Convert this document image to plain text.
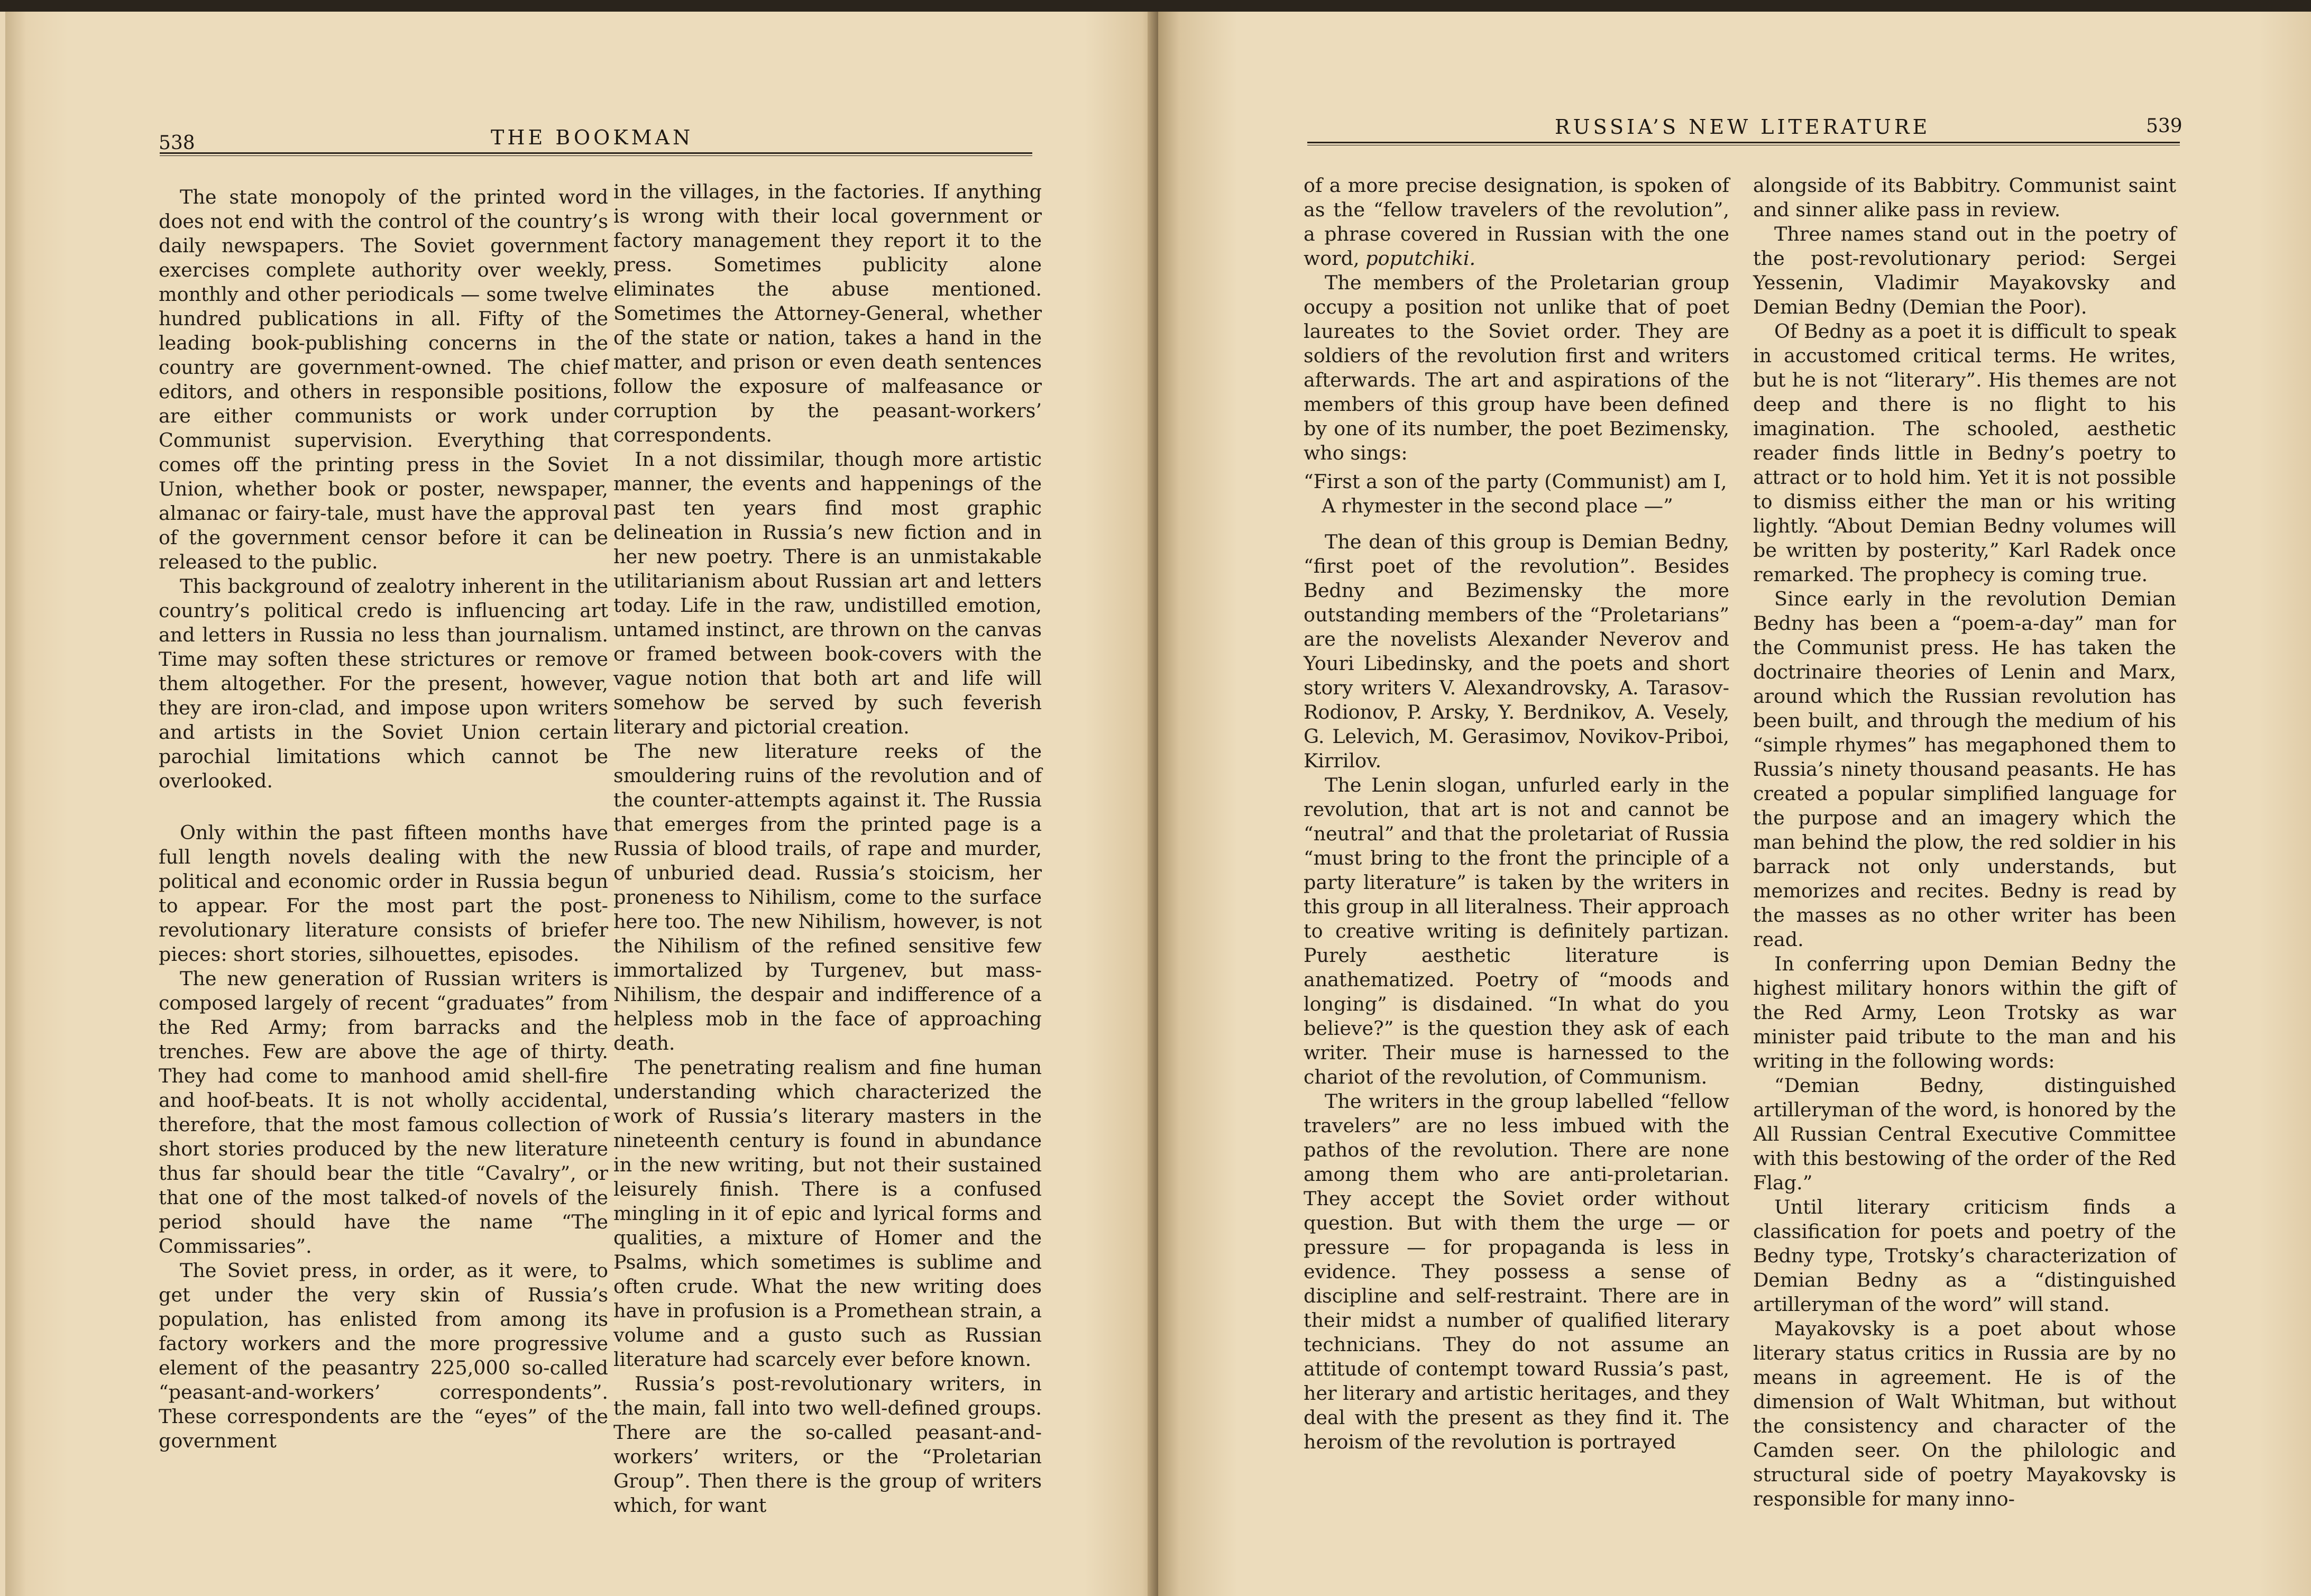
538	THE BOOKMAN

The state monopoly of the printed word does not end with the control of the country’s daily newspapers. The Soviet government exercises complete authority over weekly, monthly and other periodicals — some twelve hundred publications in all. Fifty of the leading book-publishing concerns in the country are government-owned. The chief editors, and others in responsible positions, are either communists or work under Communist supervision. Everything that comes off the printing press in the Soviet Union, whether book or poster, newspaper, almanac or fairy-tale, must have the approval of the government censor before it can be released to the public.

This background of zealotry inherent in the country’s political credo is influencing art and letters in Russia no less than journalism. Time may soften these strictures or remove them altogether. For the present, however, they are iron-clad, and impose upon writers and artists in the Soviet Union certain parochial limitations which cannot be overlooked.

Only within the past fifteen months have full length novels dealing with the new political and economic order in Russia begun to appear. For the most part the post-revolutionary literature consists of briefer pieces: short stories, silhouettes, episodes.

The new generation of Russian writers is composed largely of recent “graduates” from the Red Army; from barracks and the trenches. Few are above the age of thirty. They had come to manhood amid shell-fire and hoof-beats. It is not wholly accidental, therefore, that the most famous collection of short stories produced by the new literature thus far should bear the title “Cavalry”, or that one of the most talked-of novels of the period should have the name “The Commissaries”.

The Soviet press, in order, as it were, to get under the very skin of Russia’s population, has enlisted from among its factory workers and the more progressive element of the peasantry 225,000 so-called “peasant-and-workers’ correspondents”. These correspondents are the “eyes” of the government

in the villages, in the factories. If anything is wrong with their local government or factory management they report it to the press. Sometimes publicity alone eliminates the abuse mentioned. Sometimes the Attorney-General, whether of the state or nation, takes a hand in the matter, and prison or even death sentences follow the exposure of malfeasance or corruption by the peasant-workers’ correspondents.

In a not dissimilar, though more artistic manner, the events and happenings of the past ten years find most graphic delineation in Russia’s new fiction and in her new poetry. There is an unmistakable utilitarianism about Russian art and letters today. Life in the raw, undistilled emotion, untamed instinct, are thrown on the canvas or framed between book-covers with the vague notion that both art and life will somehow be served by such feverish literary and pictorial creation.

The new literature reeks of the smouldering ruins of the revolution and of the counter-attempts against it. The Russia that emerges from the printed page is a Russia of blood trails, of rape and murder, of unburied dead. Russia’s stoicism, her proneness to Nihilism, come to the surface here too. The new Nihilism, however, is not the Nihilism of the refined sensitive few immortalized by Turgenev, but mass-Nihilism, the despair and indifference of a helpless mob in the face of approaching death.

The penetrating realism and fine human understanding which characterized the work of Russia’s literary masters in the nineteenth century is found in abundance in the new writing, but not their sustained leisurely finish. There is a confused mingling in it of epic and lyrical forms and qualities, a mixture of Homer and the Psalms, which sometimes is sublime and often crude. What the new writing does have in profusion is a Promethean strain, a volume and a gusto such as Russian literature had scarcely ever before known.

Russia’s post-revolutionary writers, in the main, fall into two well-defined groups. There are the so-called peasant-and-workers’ writers, or the “Proletarian Group”. Then there is the group of writers which, for want

RUSSIA’S NEW LITERATURE	539

of a more precise designation, is spoken of as the “fellow travelers of the revolution”, a phrase covered in Russian with the one word, poputchiki.

The members of the Proletarian group occupy a position not unlike that of poet laureates to the Soviet order. They are soldiers of the revolution first and writers afterwards. The art and aspirations of the members of this group have been defined by one of its number, the poet Bezimensky, who sings:

“First a son of the party (Communist) am I,
A rhymester in the second place —”

The dean of this group is Demian Bedny, “first poet of the revolution”. Besides Bedny and Bezimensky the more outstanding members of the “Proletarians” are the novelists Alexander Neverov and Youri Libedinsky, and the poets and short story writers V. Alexandrovsky, A. Tarasov-Rodionov, P. Arsky, Y. Berdnikov, A. Vesely, G. Lelevich, M. Gerasimov, Novikov-Priboi, Kirrilov.

The Lenin slogan, unfurled early in the revolution, that art is not and cannot be “neutral” and that the proletariat of Russia “must bring to the front the principle of a party literature” is taken by the writers in this group in all literalness. Their approach to creative writing is definitely partizan. Purely aesthetic literature is anathematized. Poetry of “moods and longing” is disdained. “In what do you believe?” is the question they ask of each writer. Their muse is harnessed to the chariot of the revolution, of Communism.

The writers in the group labelled “fellow travelers” are no less imbued with the pathos of the revolution. There are none among them who are anti-proletarian. They accept the Soviet order without question. But with them the urge — or pressure — for propaganda is less in evidence. They possess a sense of discipline and self-restraint. There are in their midst a number of qualified literary technicians. They do not assume an attitude of contempt toward Russia’s past, her literary and artistic heritages, and they deal with the present as they find it. The heroism of the revolution is portrayed

alongside of its Babbitry. Communist saint and sinner alike pass in review.

Three names stand out in the poetry of the post-revolutionary period: Sergei Yessenin, Vladimir Mayakovsky and Demian Bedny (Demian the Poor).

Of Bedny as a poet it is difficult to speak in accustomed critical terms. He writes, but he is not “literary”. His themes are not deep and there is no flight to his imagination. The schooled, aesthetic reader finds little in Bedny’s poetry to attract or to hold him. Yet it is not possible to dismiss either the man or his writing lightly. “About Demian Bedny volumes will be written by posterity,” Karl Radek once remarked. The prophecy is coming true.

Since early in the revolution Demian Bedny has been a “poem-a-day” man for the Communist press. He has taken the doctrinaire theories of Lenin and Marx, around which the Russian revolution has been built, and through the medium of his “simple rhymes” has megaphoned them to Russia’s ninety thousand peasants. He has created a popular simplified language for the purpose and an imagery which the man behind the plow, the red soldier in his barrack not only understands, but memorizes and recites. Bedny is read by the masses as no other writer has been read.

In conferring upon Demian Bedny the highest military honors within the gift of the Red Army, Leon Trotsky as war minister paid tribute to the man and his writing in the following words:

“Demian Bedny, distinguished artilleryman of the word, is honored by the All Russian Central Executive Committee with this bestowing of the order of the Red Flag.”

Until literary criticism finds a classification for poets and poetry of the Bedny type, Trotsky’s characterization of Demian Bedny as a “distinguished artilleryman of the word” will stand.

Mayakovsky is a poet about whose literary status critics in Russia are by no means in agreement. He is of the dimension of Walt Whitman, but without the consistency and character of the Camden seer. On the philologic and structural side of poetry Mayakovsky is responsible for many inno-
